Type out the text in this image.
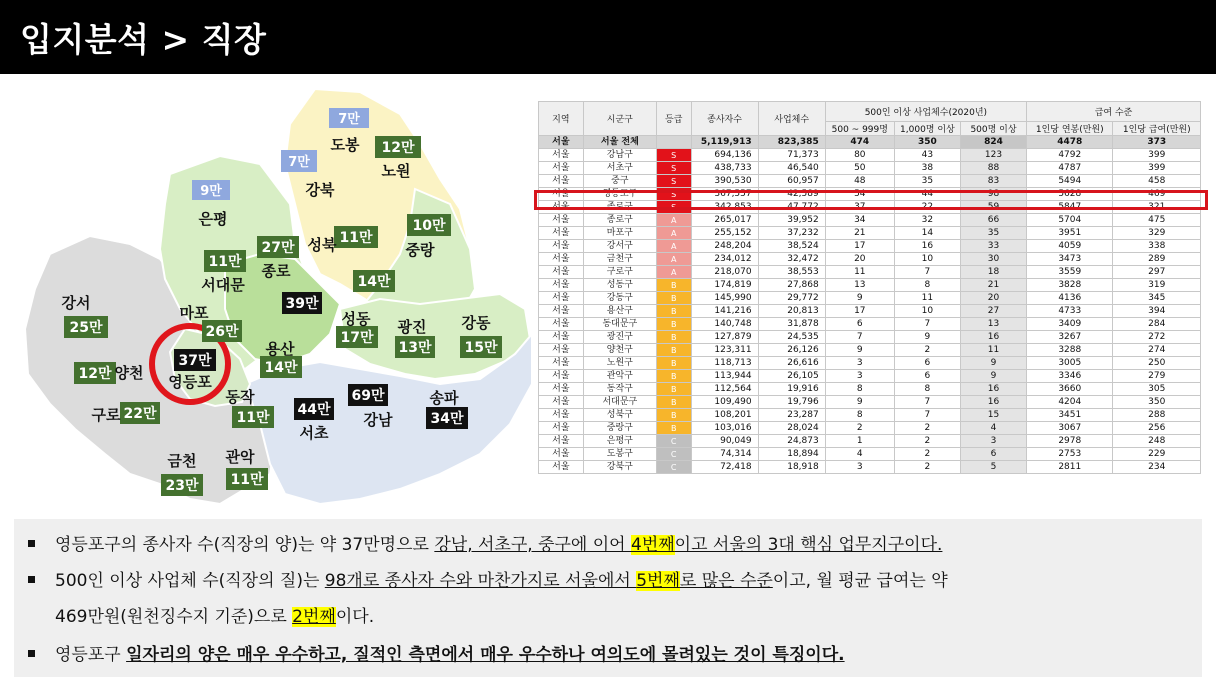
입지분석 > 직장
7만
도봉 12만
노원
7만
강북
9만
은평
27만
종로
11만
성북
10만
중랑
11만
서대문	14만
39만
26만
마포
25만
강서
17만
성동
13만
광진
15만
강동
14만
용산
37만
영등포
12만 양천
22만
구로	11만
동작
44만
서초
69만
강남	34만
송파
23만
금천
11만
관악
지역	시군구	등급	종사자수	사업체수	500인 이상 사업체수(2020년)			급여 수준	
					500 ~ 999명	1,000명 이상	500명 이상	1인당 연봉(만원)	1인당 급여(만원)
서울	서울 전체		5,119,913	823,385	474	350	824	4478	373
서울	강남구	S	694,136	71,373	80	43	123	4792	399
서울	서초구	S	438,733	46,540	50	38	88	4787	399
서울	중구	S	390,530	60,957	48	35	83	5494	458
서울	영등포구	S	367,557	42,589	54	44	98	5628	469
서울	종로구	S	342,853	47,772	37	22	59	5847	321
서울	종로구	A	265,017	39,952	34	32	66	5704	475
서울	마포구	A	255,152	37,232	21	14	35	3951	329
서울	강서구	A	248,204	38,524	17	16	33	4059	338
서울	금천구	A	234,012	32,472	20	10	30	3473	289
서울	구로구	A	218,070	38,553	11	7	18	3559	297
서울	성동구	B	174,819	27,868	13	8	21	3828	319
서울	강동구	B	145,990	29,772	9	11	20	4136	345
서울	용산구	B	141,216	20,813	17	10	27	4733	394
서울	동대문구	B	140,748	31,878	6	7	13	3409	284
서울	광진구	B	127,879	24,535	7	9	16	3267	272
서울	양천구	B	123,311	26,126	9	2	11	3288	274
서울	노원구	B	118,713	26,616	3	6	9	3005	250
서울	관악구	B	113,944	26,105	3	6	9	3346	279
서울	동작구	B	112,564	19,916	8	8	16	3660	305
서울	서대문구	B	109,490	19,796	9	7	16	4204	350
서울	성북구	B	108,201	23,287	8	7	15	3451	288
서울	중랑구	B	103,016	28,024	2	2	4	3067	256
서울	은평구	C	90,049	24,873	1	2	3	2978	248
서울	도봉구	C	74,314	18,894	4	2	6	2753	229
서울	강북구	C	72,418	18,918	3	2	5	2811	234
영등포구의 종사자 수(직장의 양)는 약 37만명으로 강남, 서초구, 중구에 이어 4번째이고 서울의 3대 핵심 업무지구이다.
500인 이상 사업체 수(직장의 질)는 98개로 종사자 수와 마찬가지로 서울에서 5번째로 많은 수준이고, 월 평균 급여는 약
469만원(원천징수지 기준)으로 2번째이다.
영등포구 일자리의 양은 매우 우수하고, 질적인 측면에서 매우 우수하나 여의도에 몰려있는 것이 특징이다.
